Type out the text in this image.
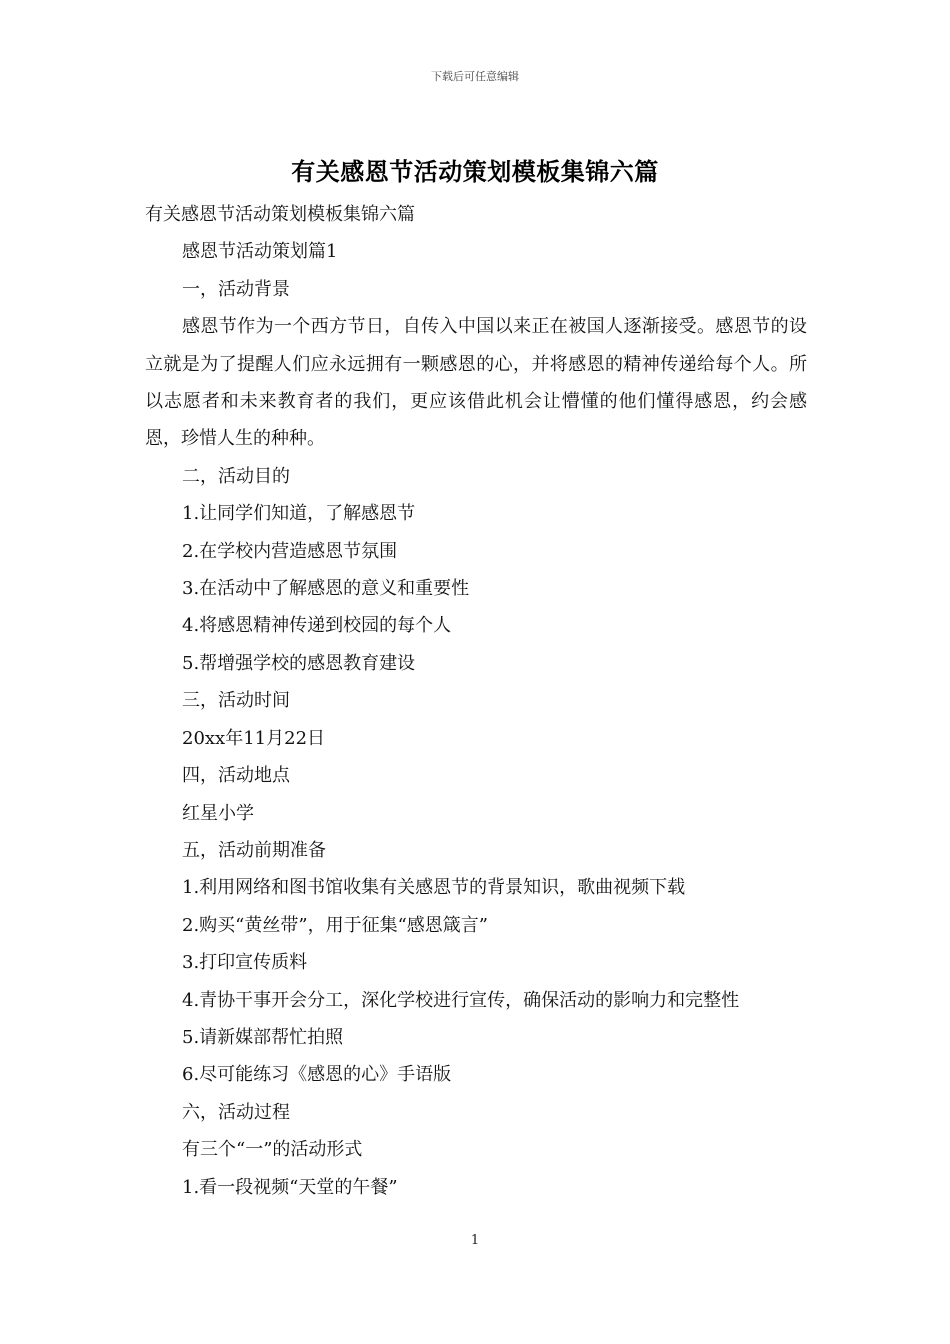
下载后可任意编辑
有关感恩节活动策划模板集锦六篇

有关感恩节活动策划模板集锦六篇

感恩节活动策划篇1

一，活动背景

感恩节作为一个西方节日，自传入中国以来正在被国人逐渐接受。感恩节的设立就是为了提醒人们应永远拥有一颗感恩的心，并将感恩的精神传递给每个人。所以志愿者和未来教育者的我们，更应该借此机会让懵懂的他们懂得感恩，约会感恩，珍惜人生的种种。

二，活动目的

1.让同学们知道，了解感恩节

2.在学校内营造感恩节氛围

3.在活动中了解感恩的意义和重要性

4.将感恩精神传递到校园的每个人

5.帮增强学校的感恩教育建设

三，活动时间

20xx年11月22日

四，活动地点

红星小学

五，活动前期准备

1.利用网络和图书馆收集有关感恩节的背景知识，歌曲视频下载

2.购买“黄丝带”，用于征集“感恩箴言”

3.打印宣传质料

4.青协干事开会分工，深化学校进行宣传，确保活动的影响力和完整性

5.请新媒部帮忙拍照

6.尽可能练习《感恩的心》手语版

六，活动过程

有三个“一”的活动形式

1.看一段视频“天堂的午餐”

1
